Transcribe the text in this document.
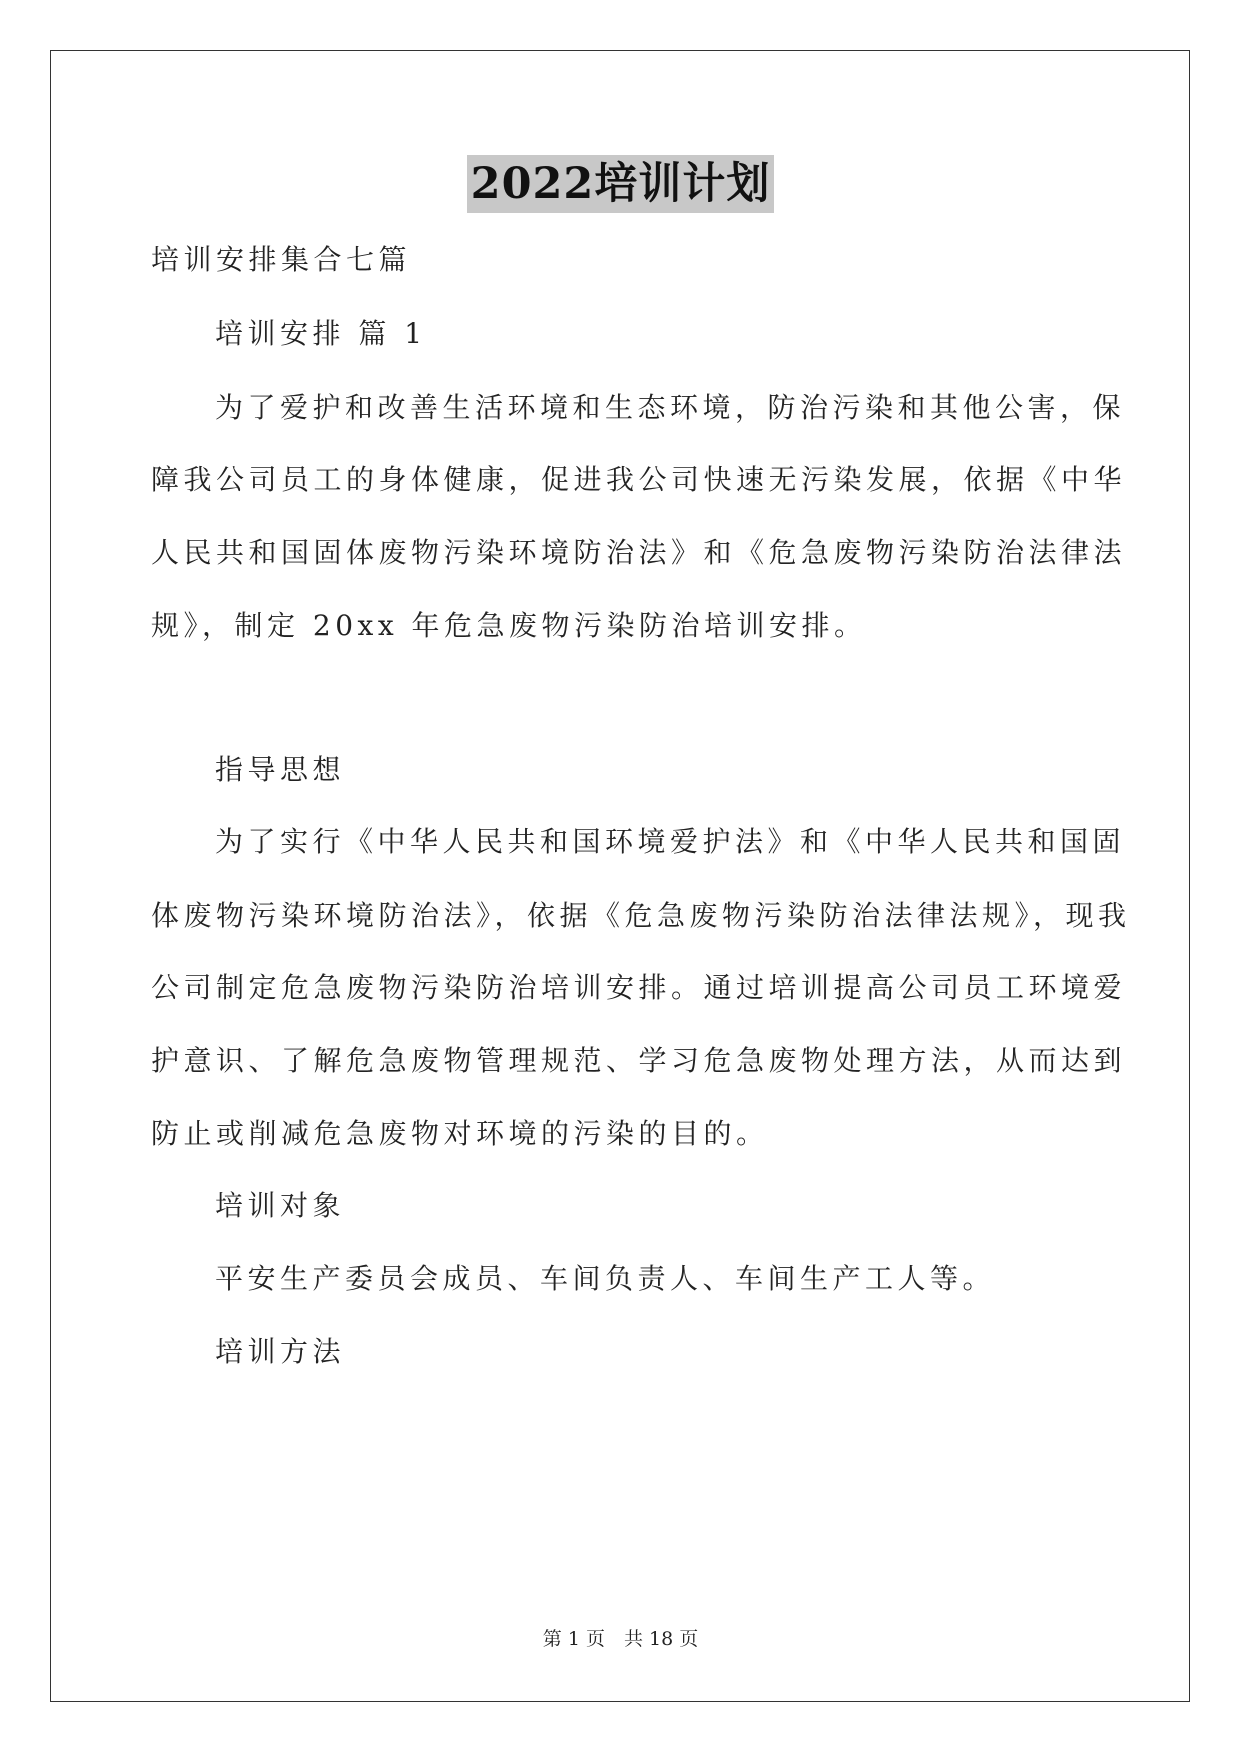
2022培训计划
培训安排集合七篇
培训安排 篇 1
为了爱护和改善生活环境和生态环境，防治污染和其他公害，保
障我公司员工的身体健康，促进我公司快速无污染发展，依据《中华
人民共和国固体废物污染环境防治法》和《危急废物污染防治法律法
规》，制定 20xx 年危急废物污染防治培训安排。
指导思想
为了实行《中华人民共和国环境爱护法》和《中华人民共和国固
体废物污染环境防治法》，依据《危急废物污染防治法律法规》，现我
公司制定危急废物污染防治培训安排。通过培训提高公司员工环境爱
护意识、了解危急废物管理规范、学习危急废物处理方法，从而达到
防止或削减危急废物对环境的污染的目的。
培训对象
平安生产委员会成员、车间负责人、车间生产工人等。
培训方法
第 1 页　共 18 页
